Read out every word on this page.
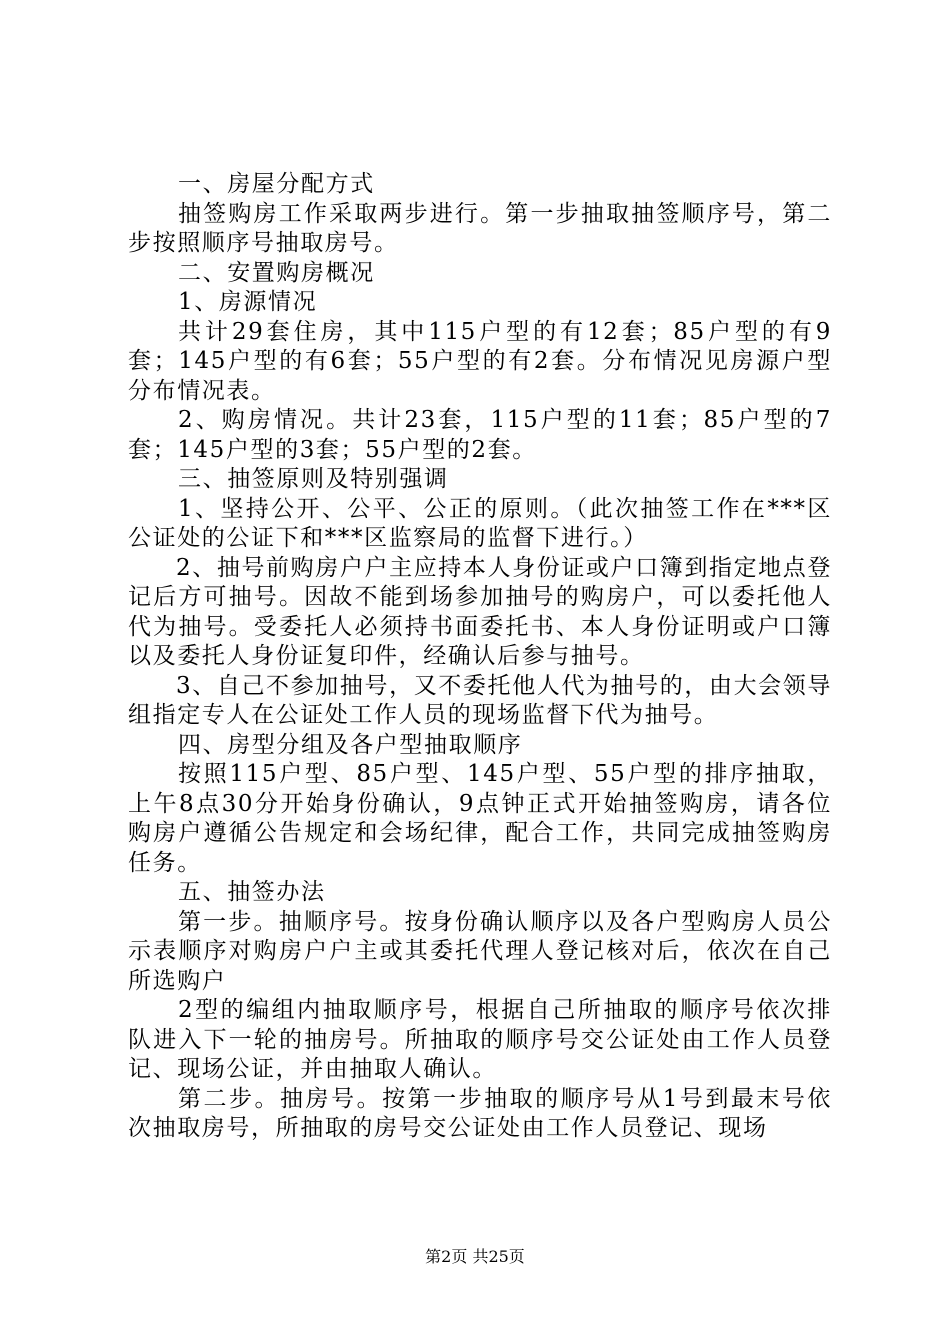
一、房屋分配方式

抽签购房工作采取两步进行。第一步抽取抽签顺序号，第二步按照顺序号抽取房号。

二、安置购房概况

1、房源情况

共计29套住房，其中115户型的有12套；85户型的有9套；145户型的有6套；55户型的有2套。分布情况见房源户型分布情况表。

2、购房情况。共计23套，115户型的11套；85户型的7套；145户型的3套；55户型的2套。

三、抽签原则及特别强调

1、坚持公开、公平、公正的原则。（此次抽签工作在***区公证处的公证下和***区监察局的监督下进行。）

2、抽号前购房户户主应持本人身份证或户口簿到指定地点登记后方可抽号。因故不能到场参加抽号的购房户，可以委托他人代为抽号。受委托人必须持书面委托书、本人身份证明或户口簿以及委托人身份证复印件，经确认后参与抽号。

3、自己不参加抽号，又不委托他人代为抽号的，由大会领导组指定专人在公证处工作人员的现场监督下代为抽号。

四、房型分组及各户型抽取顺序

按照115户型、85户型、145户型、55户型的排序抽取，上午8点30分开始身份确认，9点钟正式开始抽签购房，请各位购房户遵循公告规定和会场纪律，配合工作，共同完成抽签购房任务。

五、抽签办法

第一步。抽顺序号。按身份确认顺序以及各户型购房人员公示表顺序对购房户户主或其委托代理人登记核对后，依次在自己所选购户

2型的编组内抽取顺序号，根据自己所抽取的顺序号依次排队进入下一轮的抽房号。所抽取的顺序号交公证处由工作人员登记、现场公证，并由抽取人确认。

第二步。抽房号。按第一步抽取的顺序号从1号到最末号依次抽取房号，所抽取的房号交公证处由工作人员登记、现场

第2页 共25页
